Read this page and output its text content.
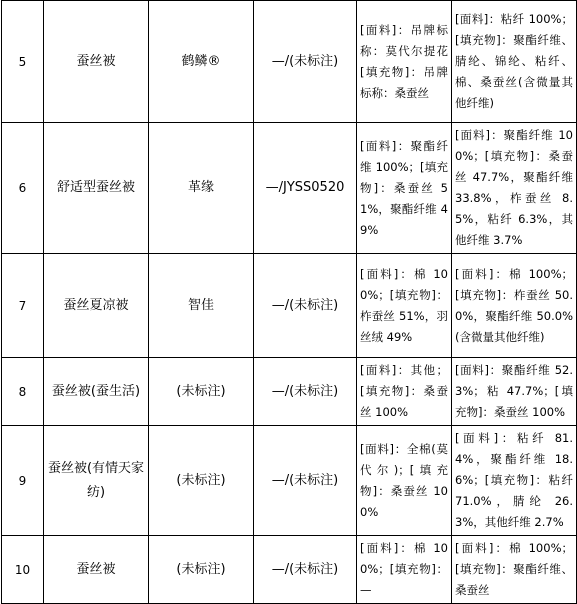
5	蚕丝被	鹤鳞®	—/(未标注)	[面料]：吊牌标称：莫代尔提花[填充物]：吊牌标称：桑蚕丝	[面料]：粘纤 100%；[填充物]：聚酯纤维、腈纶、锦纶、粘纤、棉、桑蚕丝(含微量其他纤维)
6	舒适型蚕丝被	革缘	—/JYSS0520	[面料]：聚酯纤维 100%；[填充物]：桑蚕丝 51%，聚酯纤维 49%	[面料]：聚酯纤维 100%；[填充物]：桑蚕丝 47.7%，聚酯纤维 33.8%，柞蚕丝 8.5%，粘纤 6.3%，其他纤维 3.7%
7	蚕丝夏凉被	智佳	—/(未标注)	[面料]：棉 100%；[填充物]：柞蚕丝 51%，羽丝绒 49%	[面料]：棉 100%；[填充物]：柞蚕丝 50.0%，聚酯纤维 50.0%(含微量其他纤维)
8	蚕丝被(蚕生活)	(未标注)	—/(未标注)	[面料]：其他；[填充物]：桑蚕丝 100%	[面料]：聚酯纤维 52.3%；粘 47.7%；[填充物]：桑蚕丝 100%
9	蚕丝被(有情天家纺)	(未标注)	—/(未标注)	[面料]：全棉(莫代尔)；[填充物]：桑蚕丝 100%	[面料]：粘纤 81.4%，聚酯纤维 18.6%；[填充物]：粘纤 71.0%，腈纶 26.3%，其他纤维 2.7%
10	蚕丝被	(未标注)	—/(未标注)	[面料]：棉 100%；[填充物]：—	[面料]：棉 100%；[填充物]：聚酯纤维、桑蚕丝
